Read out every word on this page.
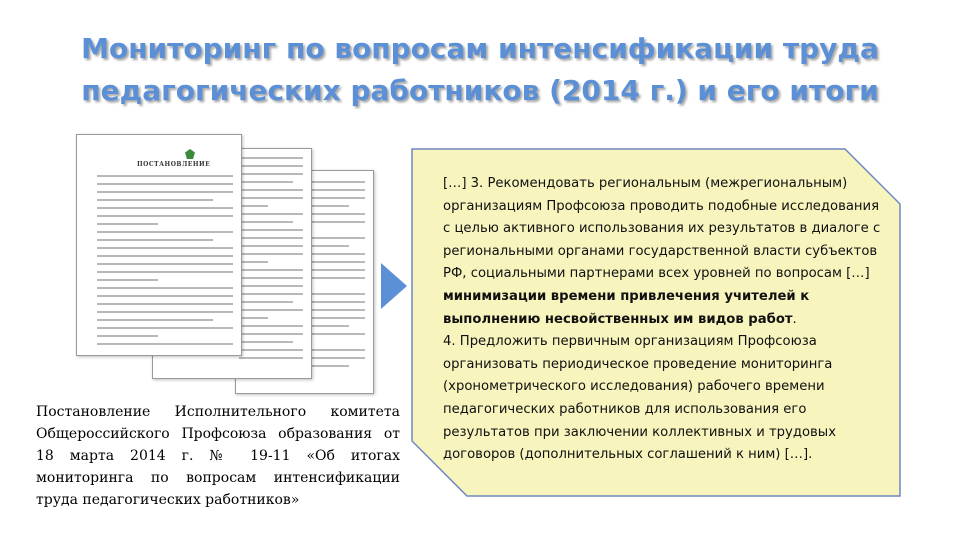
Мониторинг по вопросам интенсификации труда
педагогических работников (2014 г.) и его итоги
ПОСТАНОВЛЕНИЕ
Постановление Исполнительного комитета Общероссийского Профсоюза образования от 18 марта 2014 г. № 19-11 «Об итогах мониторинга по вопросам интенсификации труда педагогических работников»
[…] 3. Рекомендовать региональным (межрегиональным) организациям Профсоюза проводить подобные исследования с целью активного использования их результатов в диалоге с региональными органами государственной власти субъектов РФ, социальными партнерами всех уровней по вопросам […] минимизации времени привлечения учителей к выполнению несвойственных им видов работ.
4. Предложить первичным организациям Профсоюза организовать периодическое проведение мониторинга (хронометрического исследования) рабочего времени педагогических работников для использования его результатов при заключении коллективных и трудовых договоров (дополнительных соглашений к ним) […].
